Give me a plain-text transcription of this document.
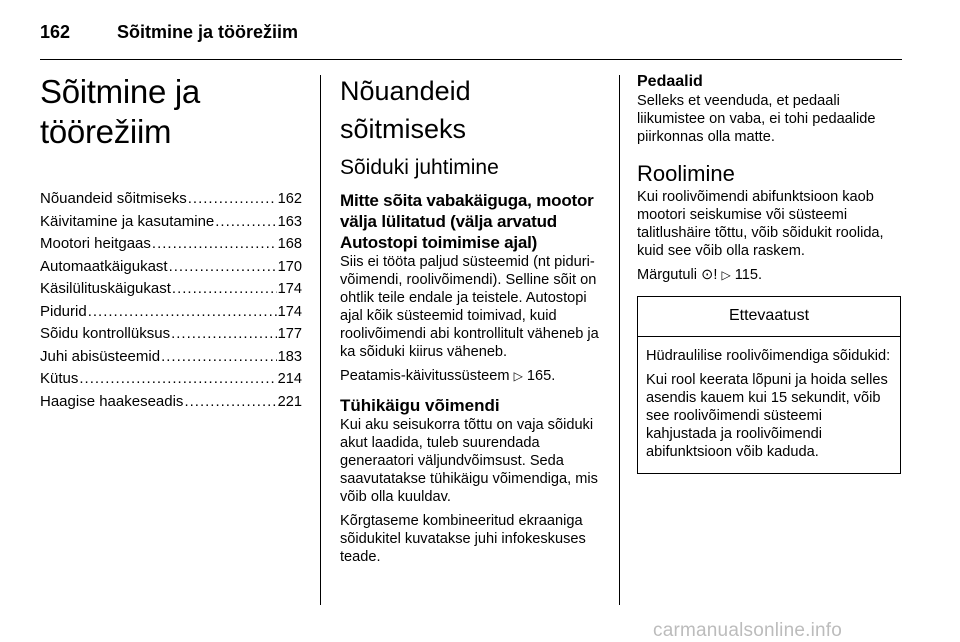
162	Sõitmine ja töörežiim
Sõitmine ja töörežiim
Nõuandeid sõitmiseks .....	162
Käivitamine ja kasutamine .....	163
Mootori heitgaas .....	168
Automaatkäigukast .....	170
Käsilülituskäigukast .....	174
Pidurid .....	174
Sõidu kontrollüksus .....	177
Juhi abisüsteemid .....	183
Kütus .....	214
Haagise haakeseadis .....	221
Nõuandeid sõitmiseks
Sõiduki juhtimine
Mitte sõita vabakäiguga, mootor välja lülitatud (välja arvatud Autostopi toimimise ajal)

Siis ei tööta paljud süsteemid (nt pidurivõimendi, roolivõimendi). Selline sõit on ohtlik teile endale ja teistele. Autostopi ajal kõik süsteemid toimivad, kuid roolivõimendi abi kontrollitult väheneb ja ka sõiduki kiirus väheneb.

Peatamis-käivitussüsteem ▷ 165.

Tühikäigu võimendi

Kui aku seisukorra tõttu on vaja sõiduki akut laadida, tuleb suurendada generaatori väljundvõimsust. Seda saavutatakse tühikäigu võimendiga, mis võib olla kuuldav.

Kõrgtaseme kombineeritud ekraaniga sõidukitel kuvatakse juhi infokeskuses teade.

Pedaalid

Selleks et veenduda, et pedaali liikumistee on vaba, ei tohi pedaalide piirkonnas olla matte.

Roolimine

Kui roolivõimendi abifunktsioon kaob mootori seiskumise või süsteemi talitlushäire tõttu, võib sõidukit roolida, kuid see võib olla raskem.

Märgutuli ⊙! ▷ 115.

Ettevaatust

Hüdraulilise roolivõimendiga sõidukid:

Kui rool keerata lõpuni ja hoida selles asendis kauem kui 15 sekundit, võib see roolivõimendi süsteemi kahjustada ja roolivõimendi abifunktsioon võib kaduda.

carmanualsonline.info
